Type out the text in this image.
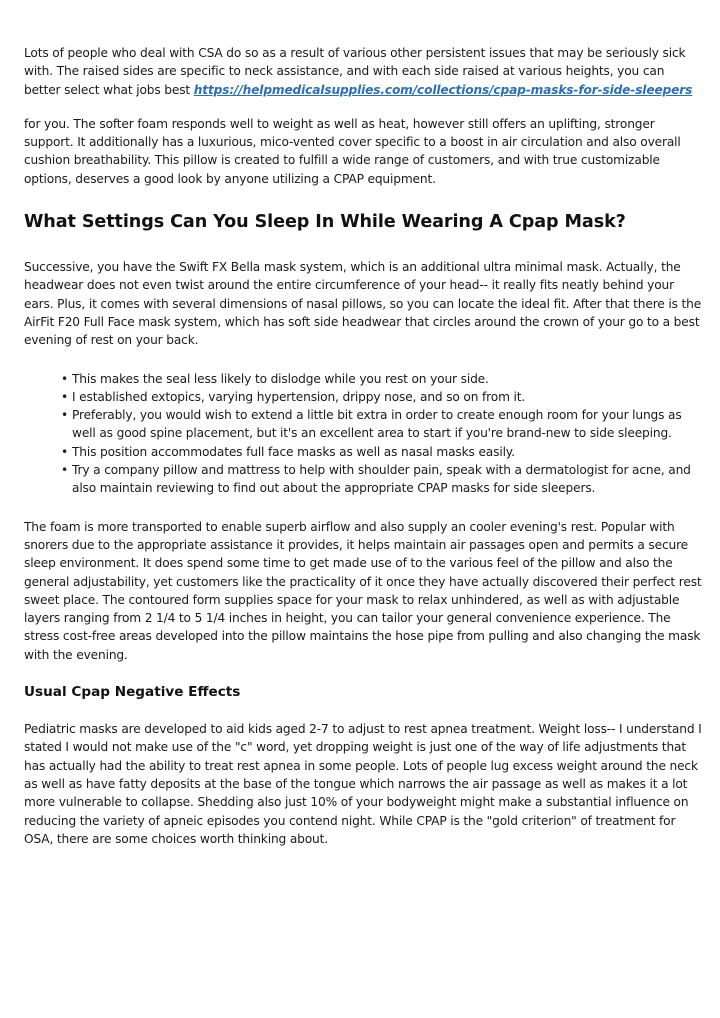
Lots of people who deal with CSA do so as a result of various other persistent issues that may be seriously sick with. The raised sides are specific to neck assistance, and with each side raised at various heights, you can better select what jobs best https://helpmedicalsupplies.com/collections/cpap-masks-for-side-sleepers

for you. The softer foam responds well to weight as well as heat, however still offers an uplifting, stronger support. It additionally has a luxurious, mico-vented cover specific to a boost in air circulation and also overall cushion breathability. This pillow is created to fulfill a wide range of customers, and with true customizable options, deserves a good look by anyone utilizing a CPAP equipment.

What Settings Can You Sleep In While Wearing A Cpap Mask?

Successive, you have the Swift FX Bella mask system, which is an additional ultra minimal mask. Actually, the headwear does not even twist around the entire circumference of your head-- it really fits neatly behind your ears. Plus, it comes with several dimensions of nasal pillows, so you can locate the ideal fit. After that there is the AirFit F20 Full Face mask system, which has soft side headwear that circles around the crown of your go to a best evening of rest on your back.

• This makes the seal less likely to dislodge while you rest on your side.
• I established extopics, varying hypertension, drippy nose, and so on from it.
• Preferably, you would wish to extend a little bit extra in order to create enough room for your lungs as well as good spine placement, but it's an excellent area to start if you're brand-new to side sleeping.
• This position accommodates full face masks as well as nasal masks easily.
• Try a company pillow and mattress to help with shoulder pain, speak with a dermatologist for acne, and also maintain reviewing to find out about the appropriate CPAP masks for side sleepers.

The foam is more transported to enable superb airflow and also supply an cooler evening's rest. Popular with snorers due to the appropriate assistance it provides, it helps maintain air passages open and permits a secure sleep environment. It does spend some time to get made use of to the various feel of the pillow and also the general adjustability, yet customers like the practicality of it once they have actually discovered their perfect rest sweet place. The contoured form supplies space for your mask to relax unhindered, as well as with adjustable layers ranging from 2 1/4 to 5 1/4 inches in height, you can tailor your general convenience experience. The stress cost-free areas developed into the pillow maintains the hose pipe from pulling and also changing the mask with the evening.

Usual Cpap Negative Effects

Pediatric masks are developed to aid kids aged 2-7 to adjust to rest apnea treatment. Weight loss-- I understand I stated I would not make use of the "c" word, yet dropping weight is just one of the way of life adjustments that has actually had the ability to treat rest apnea in some people. Lots of people lug excess weight around the neck as well as have fatty deposits at the base of the tongue which narrows the air passage as well as makes it a lot more vulnerable to collapse. Shedding also just 10% of your bodyweight might make a substantial influence on reducing the variety of apneic episodes you contend night. While CPAP is the "gold criterion" of treatment for OSA, there are some choices worth thinking about.
